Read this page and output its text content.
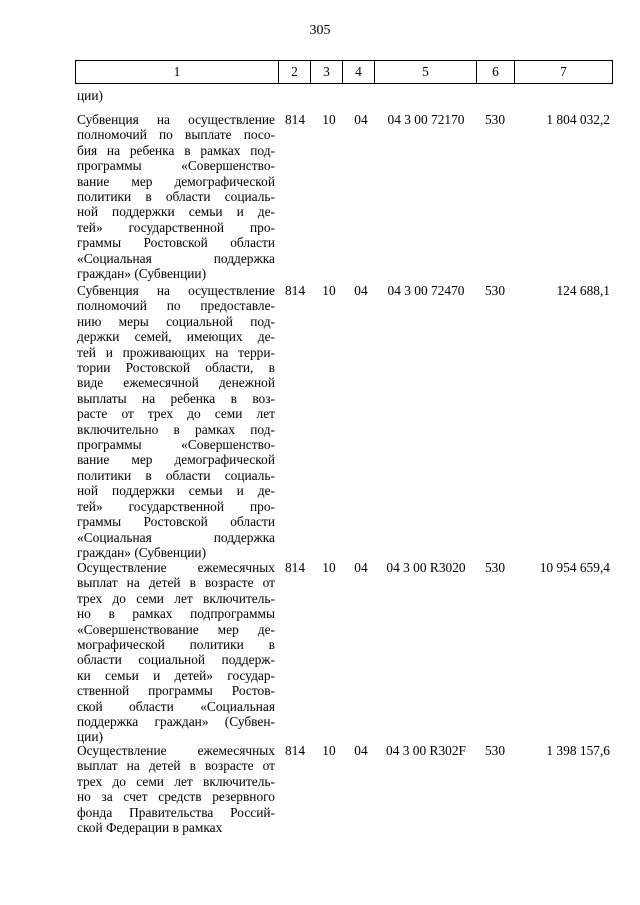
305
1	2	3	4	5	6	7
ции)
Субвенция на осуществление
полномочий по выплате посо-
бия на ребенка в рамках под-
программы «Совершенство-
вание мер демографической
политики в области социаль-
ной поддержки семьи и де-
тей» государственной про-
граммы Ростовской области
«Социальная поддержка
граждан» (Субвенции)
814	10	04	04 3 00 72170	530	1 804 032,2
Субвенция на осуществление
полномочий по предоставле-
нию меры социальной под-
держки семей, имеющих де-
тей и проживающих на терри-
тории Ростовской области, в
виде ежемесячной денежной
выплаты на ребенка в воз-
расте от трех до семи лет
включительно в рамках под-
программы «Совершенство-
вание мер демографической
политики в области социаль-
ной поддержки семьи и де-
тей» государственной про-
граммы Ростовской области
«Социальная поддержка
граждан» (Субвенции)
814	10	04	04 3 00 72470	530	124 688,1
Осуществление ежемесячных
выплат на детей в возрасте от
трех до семи лет включитель-
но в рамках подпрограммы
«Совершенствование мер де-
мографической политики в
области социальной поддерж-
ки семьи и детей» государ-
ственной программы Ростов-
ской области «Социальная
поддержка граждан» (Субвен-
ции)
814	10	04	04 3 00 R3020	530	10 954 659,4
Осуществление ежемесячных
выплат на детей в возрасте от
трех до семи лет включитель-
но за счет средств резервного
фонда Правительства Россий-
ской Федерации в рамках
814	10	04	04 3 00 R302F	530	1 398 157,6
